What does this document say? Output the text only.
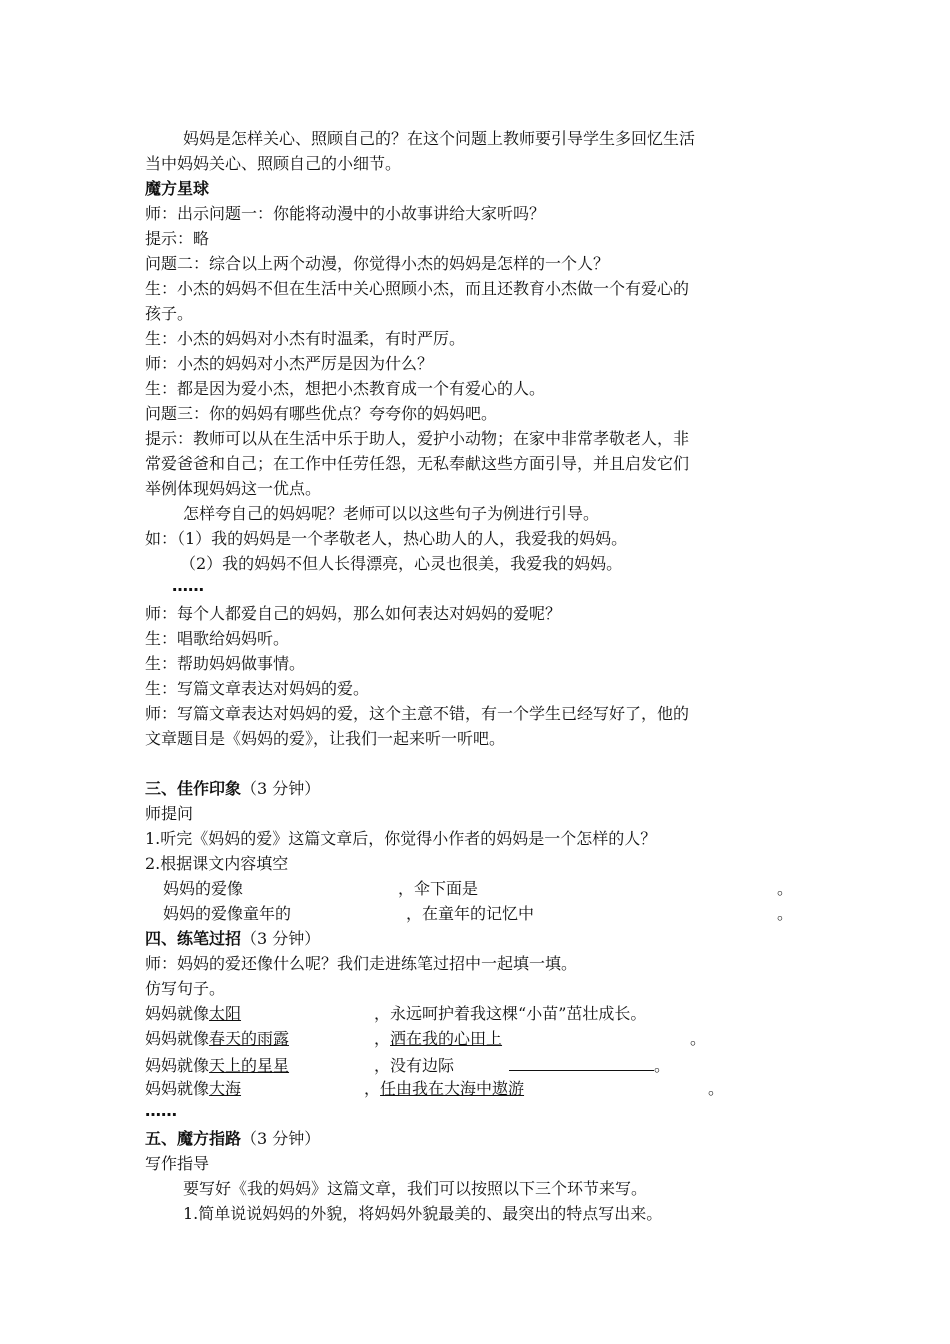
妈妈是怎样关心、照顾自己的？在这个问题上教师要引导学生多回忆生活
当中妈妈关心、照顾自己的小细节。
魔方星球
师：出示问题一：你能将动漫中的小故事讲给大家听吗？
提示：略
问题二：综合以上两个动漫，你觉得小杰的妈妈是怎样的一个人？
生：小杰的妈妈不但在生活中关心照顾小杰，而且还教育小杰做一个有爱心的
孩子。
生：小杰的妈妈对小杰有时温柔，有时严厉。
师：小杰的妈妈对小杰严厉是因为什么？
生：都是因为爱小杰，想把小杰教育成一个有爱心的人。
问题三：你的妈妈有哪些优点？夸夸你的妈妈吧。
提示：教师可以从在生活中乐于助人，爱护小动物；在家中非常孝敬老人，非
常爱爸爸和自己；在工作中任劳任怨，无私奉献这些方面引导，并且启发它们
举例体现妈妈这一优点。
怎样夸自己的妈妈呢？老师可以以这些句子为例进行引导。
如：（1）我的妈妈是一个孝敬老人，热心助人的人，我爱我的妈妈。
（2）我的妈妈不但人长得漂亮，心灵也很美，我爱我的妈妈。
……
师：每个人都爱自己的妈妈，那么如何表达对妈妈的爱呢？
生：唱歌给妈妈听。
生：帮助妈妈做事情。
生：写篇文章表达对妈妈的爱。
师：写篇文章表达对妈妈的爱，这个主意不错，有一个学生已经写好了，他的
文章题目是《妈妈的爱》，让我们一起来听一听吧。
三、佳作印象（3 分钟）
师提问
1.听完《妈妈的爱》这篇文章后，你觉得小作者的妈妈是一个怎样的人？
2.根据课文内容填空
妈妈的爱像	，伞下面是	。
妈妈的爱像童年的	，在童年的记忆中	。
四、练笔过招（3 分钟）
师：妈妈的爱还像什么呢？我们走进练笔过招中一起填一填。
仿写句子。
妈妈就像太阳	，永远呵护着我这棵“小苗”茁壮成长。
妈妈就像春天的雨露	，洒在我的心田上	。
妈妈就像天上的星星	，没有边际	。
妈妈就像大海	，任由我在大海中遨游	。
……
五、魔方指路（3 分钟）
写作指导
要写好《我的妈妈》这篇文章，我们可以按照以下三个环节来写。
1.简单说说妈妈的外貌，将妈妈外貌最美的、最突出的特点写出来。
